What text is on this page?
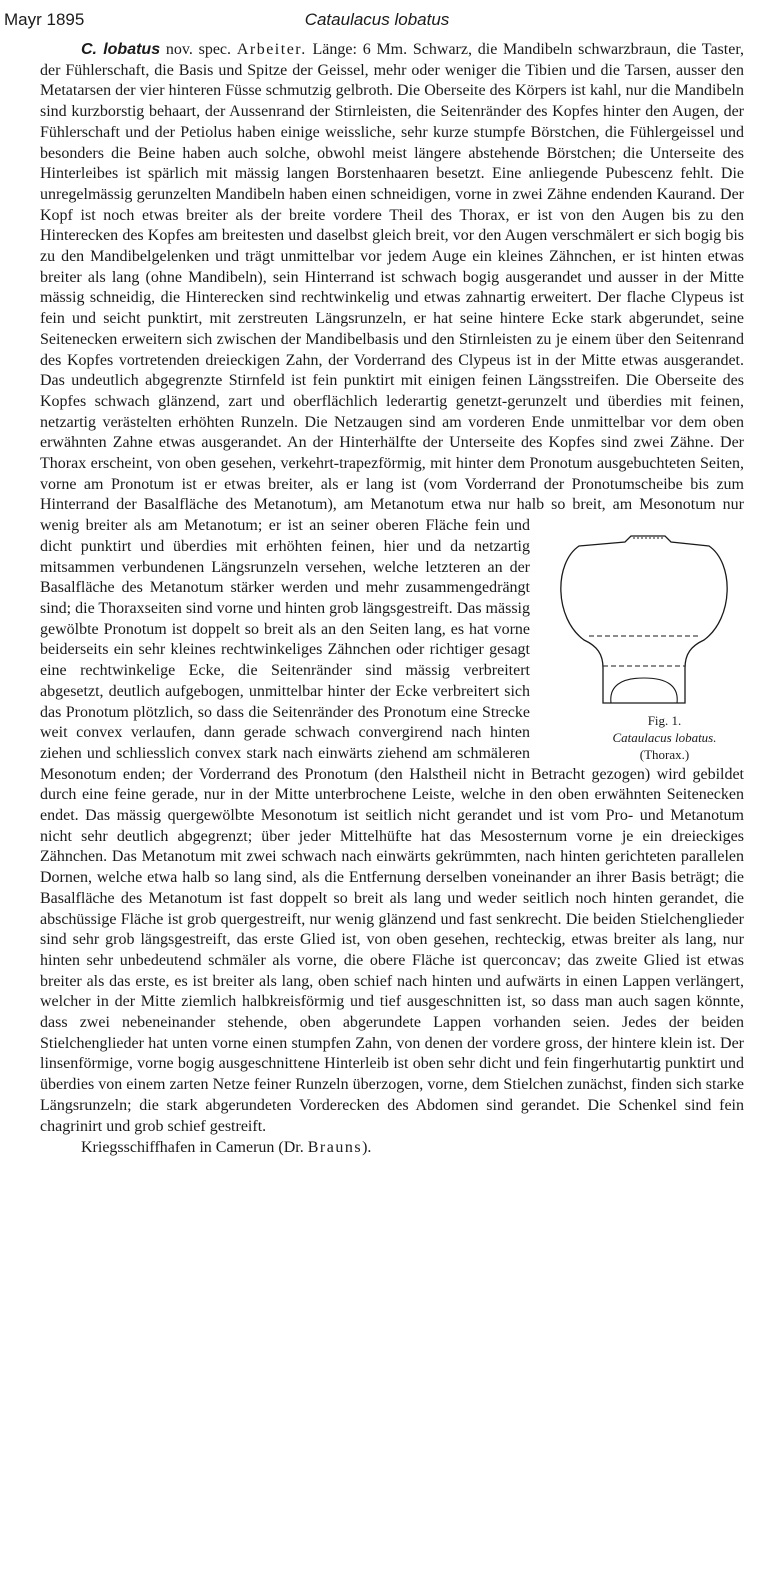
Mayr 1895	Cataulacus lobatus

C. lobatus nov. spec. Arbeiter. Länge: 6 Mm. Schwarz, die Mandibeln schwarzbraun, die Taster, der Fühlerschaft, die Basis und Spitze der Geissel, mehr oder weniger die Tibien und die Tarsen, ausser den Metatarsen der vier hinteren Füsse schmutzig gelbroth. Die Oberseite des Körpers ist kahl, nur die Mandibeln sind kurzborstig behaart, der Aussenrand der Stirnleisten, die Seitenränder des Kopfes hinter den Augen, der Fühlerschaft und der Petiolus haben einige weissliche, sehr kurze stumpfe Börstchen, die Fühlergeissel und besonders die Beine haben auch solche, obwohl meist längere abstehende Börstchen; die Unterseite des Hinterleibes ist spärlich mit mässig langen Borstenhaaren besetzt. Eine anliegende Pubescenz fehlt. Die unregelmässig gerunzelten Mandibeln haben einen schneidigen, vorne in zwei Zähne endenden Kaurand. Der Kopf ist noch etwas breiter als der breite vordere Theil des Thorax, er ist von den Augen bis zu den Hinterecken des Kopfes am breitesten und daselbst gleich breit, vor den Augen verschmälert er sich bogig bis zu den Mandibelgelenken und trägt unmittelbar vor jedem Auge ein kleines Zähnchen, er ist hinten etwas breiter als lang (ohne Mandibeln), sein Hinterrand ist schwach bogig ausgerandet und ausser in der Mitte mässig schneidig, die Hinterecken sind rechtwinkelig und etwas zahnartig erweitert. Der flache Clypeus ist fein und seicht punktirt, mit zerstreuten Längsrunzeln, er hat seine hintere Ecke stark abgerundet, seine Seitenecken erweitern sich zwischen der Mandibelbasis und den Stirnleisten zu je einem über den Seitenrand des Kopfes vortretenden dreieckigen Zahn, der Vorderrand des Clypeus ist in der Mitte etwas ausgerandet. Das undeutlich abgegrenzte Stirnfeld ist fein punktirt mit einigen feinen Längsstreifen. Die Oberseite des Kopfes schwach glänzend, zart und oberflächlich lederartig genetzt-gerunzelt und überdies mit feinen, netzartig verästelten erhöhten Runzeln. Die Netzaugen sind am vorderen Ende unmittelbar vor dem oben erwähnten Zahne etwas ausgerandet. An der Hinterhälfte der Unterseite des Kopfes sind zwei Zähne. Der Thorax erscheint, von oben gesehen, verkehrt-trapezförmig, mit hinter dem Pronotum ausgebuchteten Seiten, vorne am Pronotum ist er etwas breiter, als er lang ist (vom Vorderrand der Pronotumscheibe bis zum Hinterrand der Basalfläche des Metanotum), am Metanotum etwa nur halb so breit,
Fig. 1.
Cataulacus lobatus.
(Thorax.)
am Mesonotum nur wenig breiter als am Metanotum; er ist an seiner oberen Fläche fein und dicht punktirt und überdies mit erhöhten feinen, hier und da netzartig mitsammen verbundenen Längsrunzeln versehen, welche letzteren an der Basalfläche des Metanotum stärker werden und mehr zusammengedrängt sind; die Thoraxseiten sind vorne und hinten grob längsgestreift. Das mässig gewölbte Pronotum ist doppelt so breit als an den Seiten lang, es hat vorne beiderseits ein sehr kleines rechtwinkeliges Zähnchen oder richtiger gesagt eine rechtwinkelige Ecke, die Seitenränder sind mässig verbreitert abgesetzt, deutlich aufgebogen, unmittelbar hinter der Ecke verbreitert sich das Pronotum plötzlich, so dass die Seitenränder des Pronotum eine Strecke weit convex verlaufen, dann gerade schwach convergirend nach hinten ziehen und schliesslich convex stark nach einwärts ziehend am schmäleren Mesonotum enden; der Vorderrand des Pronotum (den Halstheil nicht in Betracht gezogen) wird gebildet durch eine feine gerade, nur in der Mitte unterbrochene Leiste, welche in den oben erwähnten Seitenecken endet. Das mässig quergewölbte Mesonotum ist seitlich nicht gerandet und ist vom Pro- und Metanotum nicht sehr deutlich abgegrenzt; über jeder Mittelhüfte hat das Mesosternum vorne je ein dreieckiges Zähnchen. Das Metanotum mit zwei schwach nach einwärts gekrümmten, nach hinten gerichteten parallelen Dornen, welche etwa halb so lang sind, als die Entfernung derselben voneinander an ihrer Basis beträgt; die Basalfläche des Metanotum ist fast doppelt so breit als lang und weder seitlich noch hinten gerandet, die abschüssige Fläche ist grob quergestreift, nur wenig glänzend und fast senkrecht. Die beiden Stielchenglieder sind sehr grob längsgestreift, das erste Glied ist, von oben gesehen, rechteckig, etwas breiter als lang, nur hinten sehr unbedeutend schmäler als vorne, die obere Fläche ist querconcav; das zweite Glied ist etwas breiter als das erste, es ist breiter als lang, oben schief nach hinten und aufwärts in einen Lappen verlängert, welcher in der Mitte ziemlich halbkreisförmig und tief ausgeschnitten ist, so dass man auch sagen könnte, dass zwei nebeneinander stehende, oben abgerundete Lappen vorhanden seien. Jedes der beiden Stielchenglieder hat unten vorne einen stumpfen Zahn, von denen der vordere gross, der hintere klein ist. Der linsenförmige, vorne bogig ausgeschnittene Hinterleib ist oben sehr dicht und fein fingerhutartig punktirt und überdies von einem zarten Netze feiner Runzeln überzogen, vorne, dem Stielchen zunächst, finden sich starke Längsrunzeln; die stark abgerundeten Vorderecken des Abdomen sind gerandet. Die Schenkel sind fein chagrinirt und grob schief gestreift.

Kriegsschiffhafen in Camerun (Dr. Brauns).
